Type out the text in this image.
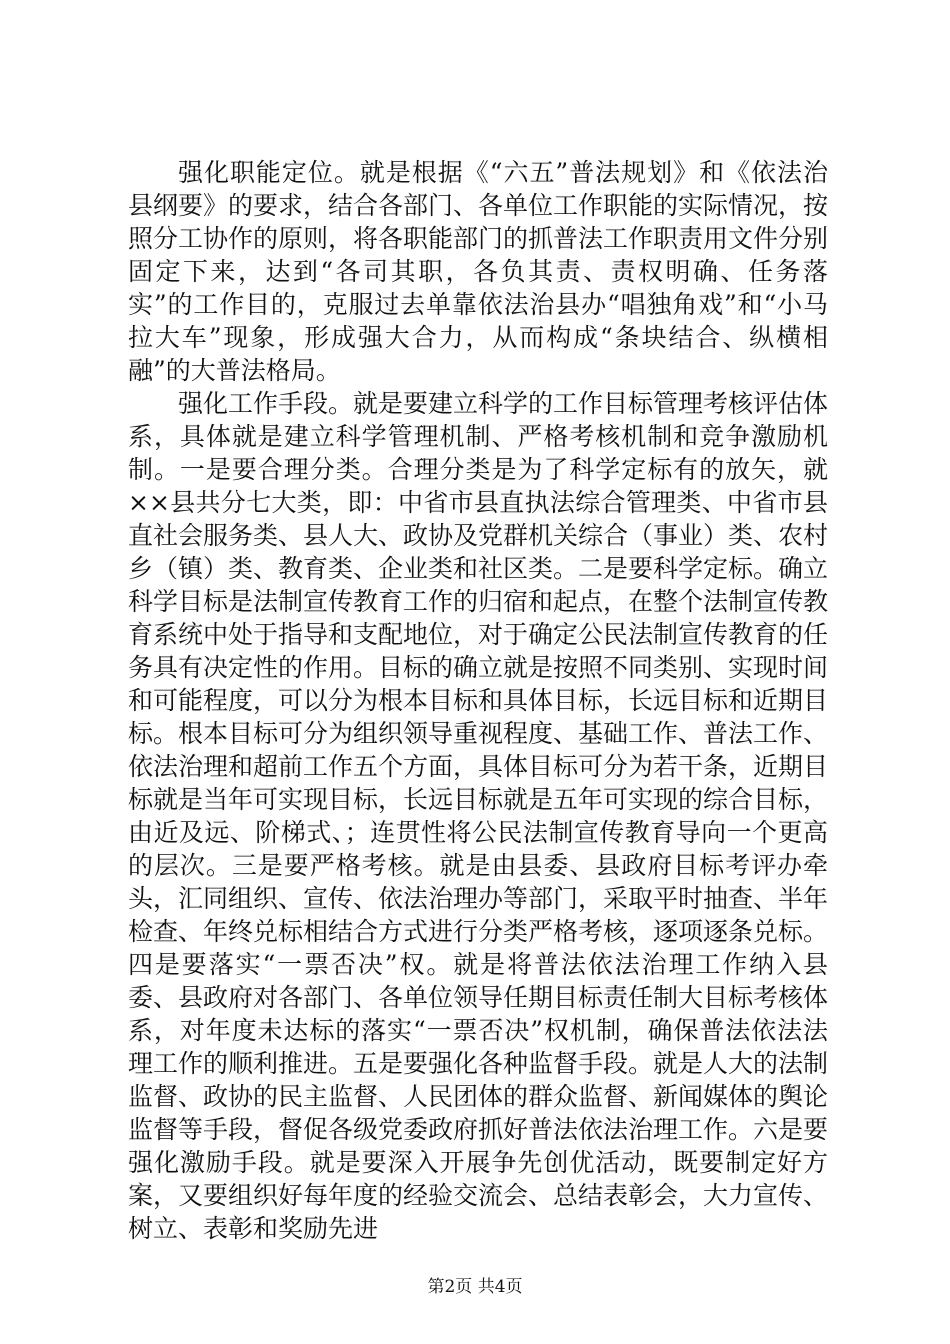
强化职能定位。就是根据《“六五”普法规划》和《依法治县纲要》的要求，结合各部门、各单位工作职能的实际情况，按照分工协作的原则，将各职能部门的抓普法工作职责用文件分别固定下来，达到“各司其职，各负其责、责权明确、任务落实”的工作目的，克服过去单靠依法治县办“唱独角戏”和“小马拉大车”现象，形成强大合力，从而构成“条块结合、纵横相融”的大普法格局。

强化工作手段。就是要建立科学的工作目标管理考核评估体系，具体就是建立科学管理机制、严格考核机制和竞争激励机制。一是要合理分类。合理分类是为了科学定标有的放矢，就××县共分七大类，即：中省市县直执法综合管理类、中省市县直社会服务类、县人大、政协及党群机关综合（事业）类、农村乡（镇）类、教育类、企业类和社区类。二是要科学定标。确立科学目标是法制宣传教育工作的归宿和起点，在整个法制宣传教育系统中处于指导和支配地位，对于确定公民法制宣传教育的任务具有决定性的作用。目标的确立就是按照不同类别、实现时间和可能程度，可以分为根本目标和具体目标，长远目标和近期目标。根本目标可分为组织领导重视程度、基础工作、普法工作、依法治理和超前工作五个方面，具体目标可分为若干条，近期目标就是当年可实现目标，长远目标就是五年可实现的综合目标，由近及远、阶梯式、；连贯性将公民法制宣传教育导向一个更高的层次。三是要严格考核。就是由县委、县政府目标考评办牵头，汇同组织、宣传、依法治理办等部门，采取平时抽查、半年检查、年终兑标相结合方式进行分类严格考核，逐项逐条兑标。四是要落实“一票否决”权。就是将普法依法治理工作纳入县委、县政府对各部门、各单位领导任期目标责任制大目标考核体系，对年度未达标的落实“一票否决”权机制，确保普法依法法理工作的顺利推进。五是要强化各种监督手段。就是人大的法制监督、政协的民主监督、人民团体的群众监督、新闻媒体的舆论监督等手段，督促各级党委政府抓好普法依法治理工作。六是要强化激励手段。就是要深入开展争先创优活动，既要制定好方案，又要组织好每年度的经验交流会、总结表彰会，大力宣传、树立、表彰和奖励先进

第2页 共4页
